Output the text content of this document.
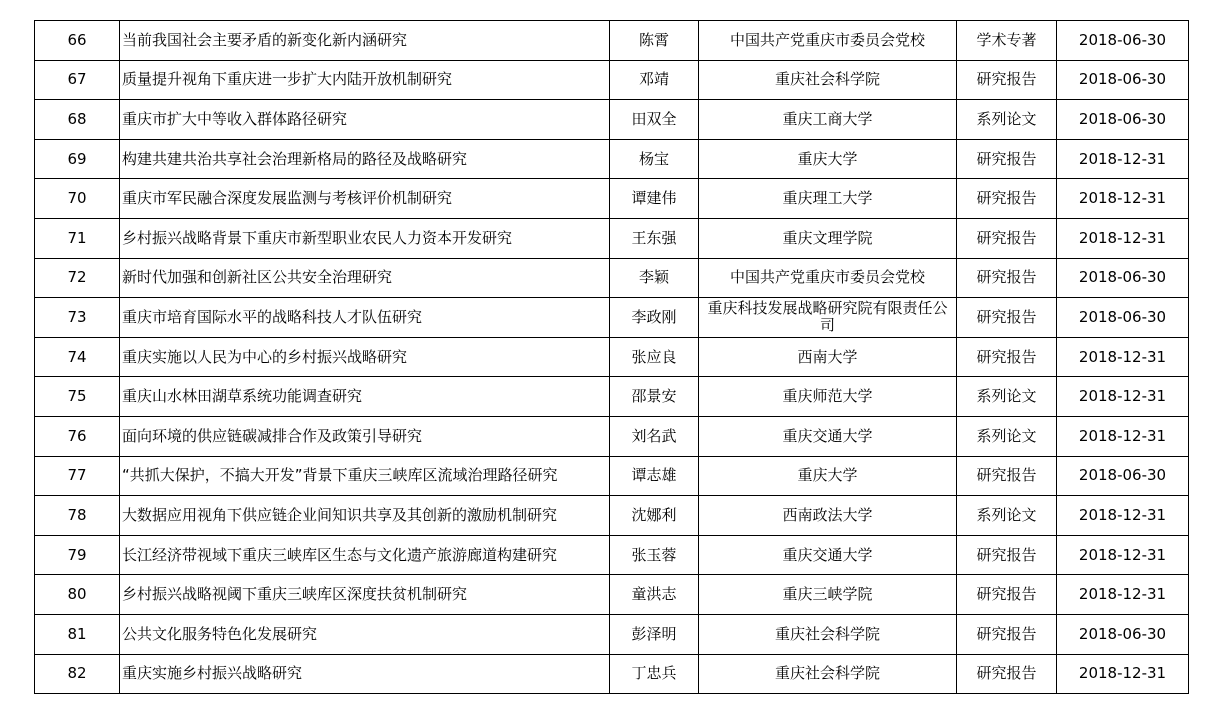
66	当前我国社会主要矛盾的新变化新内涵研究	陈霄	中国共产党重庆市委员会党校	学术专著	2018-06-30
67	质量提升视角下重庆进一步扩大内陆开放机制研究	邓靖	重庆社会科学院	研究报告	2018-06-30
68	重庆市扩大中等收入群体路径研究	田双全	重庆工商大学	系列论文	2018-06-30
69	构建共建共治共享社会治理新格局的路径及战略研究	杨宝	重庆大学	研究报告	2018-12-31
70	重庆市军民融合深度发展监测与考核评价机制研究	谭建伟	重庆理工大学	研究报告	2018-12-31
71	乡村振兴战略背景下重庆市新型职业农民人力资本开发研究	王东强	重庆文理学院	研究报告	2018-12-31
72	新时代加强和创新社区公共安全治理研究	李颖	中国共产党重庆市委员会党校	研究报告	2018-06-30
73	重庆市培育国际水平的战略科技人才队伍研究	李政刚	重庆科技发展战略研究院有限责任公司	研究报告	2018-06-30
74	重庆实施以人民为中心的乡村振兴战略研究	张应良	西南大学	研究报告	2018-12-31
75	重庆山水林田湖草系统功能调查研究	邵景安	重庆师范大学	系列论文	2018-12-31
76	面向环境的供应链碳减排合作及政策引导研究	刘名武	重庆交通大学	系列论文	2018-12-31
77	“共抓大保护，不搞大开发”背景下重庆三峡库区流域治理路径研究	谭志雄	重庆大学	研究报告	2018-06-30
78	大数据应用视角下供应链企业间知识共享及其创新的激励机制研究	沈娜利	西南政法大学	系列论文	2018-12-31
79	长江经济带视域下重庆三峡库区生态与文化遗产旅游廊道构建研究	张玉蓉	重庆交通大学	研究报告	2018-12-31
80	乡村振兴战略视阈下重庆三峡库区深度扶贫机制研究	童洪志	重庆三峡学院	研究报告	2018-12-31
81	公共文化服务特色化发展研究	彭泽明	重庆社会科学院	研究报告	2018-06-30
82	重庆实施乡村振兴战略研究	丁忠兵	重庆社会科学院	研究报告	2018-12-31
